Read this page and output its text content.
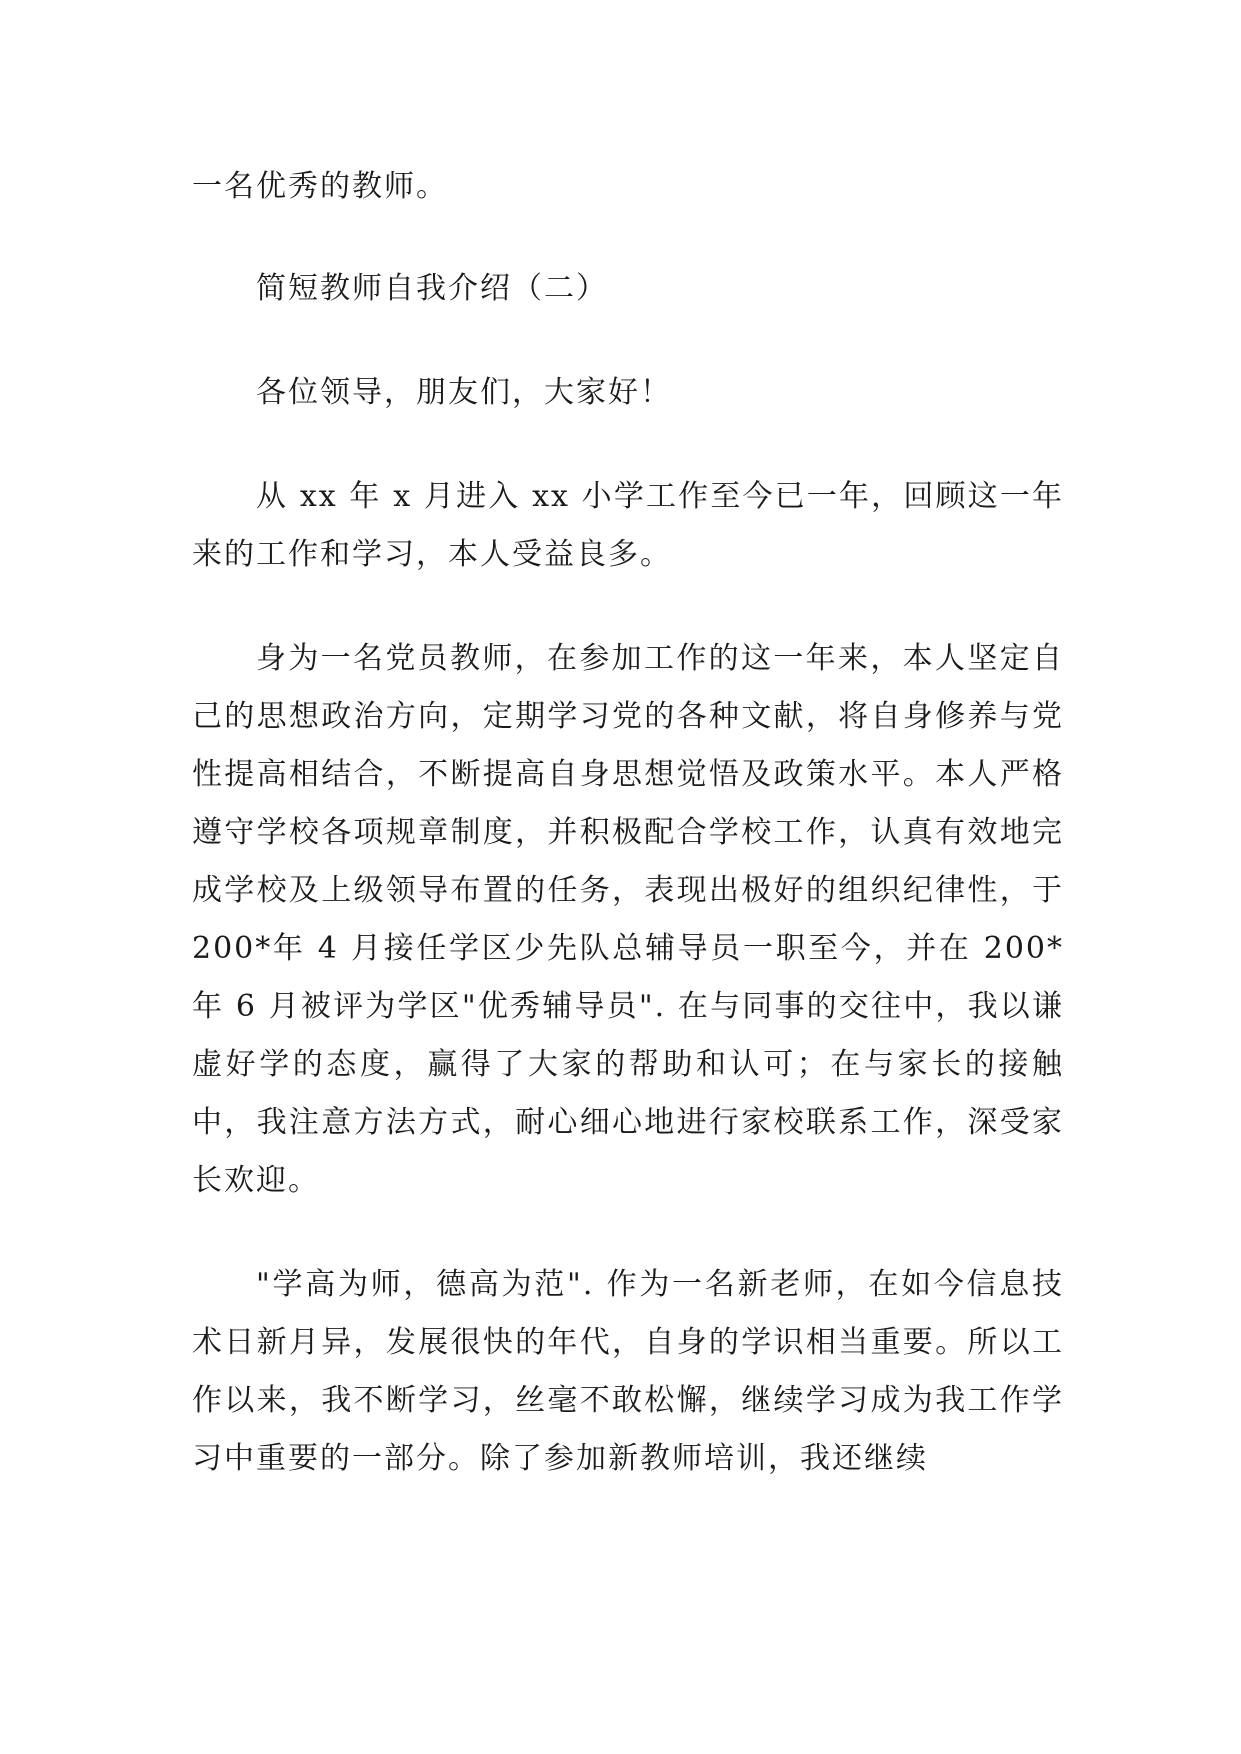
一名优秀的教师。

简短教师自我介绍（二）

各位领导，朋友们，大家好！

从 xx 年 x 月进入 xx 小学工作至今已一年，回顾这一年来的工作和学习，本人受益良多。

身为一名党员教师，在参加工作的这一年来，本人坚定自己的思想政治方向，定期学习党的各种文献，将自身修养与党性提高相结合，不断提高自身思想觉悟及政策水平。本人严格遵守学校各项规章制度，并积极配合学校工作，认真有效地完成学校及上级领导布置的任务，表现出极好的组织纪律性，于 200*年 4 月接任学区少先队总辅导员一职至今，并在 200*年 6 月被评为学区"优秀辅导员". 在与同事的交往中，我以谦虚好学的态度，赢得了大家的帮助和认可；在与家长的接触中，我注意方法方式，耐心细心地进行家校联系工作，深受家长欢迎。

"学高为师，德高为范". 作为一名新老师，在如今信息技术日新月异，发展很快的年代，自身的学识相当重要。所以工作以来，我不断学习，丝毫不敢松懈，继续学习成为我工作学习中重要的一部分。除了参加新教师培训，我还继续
